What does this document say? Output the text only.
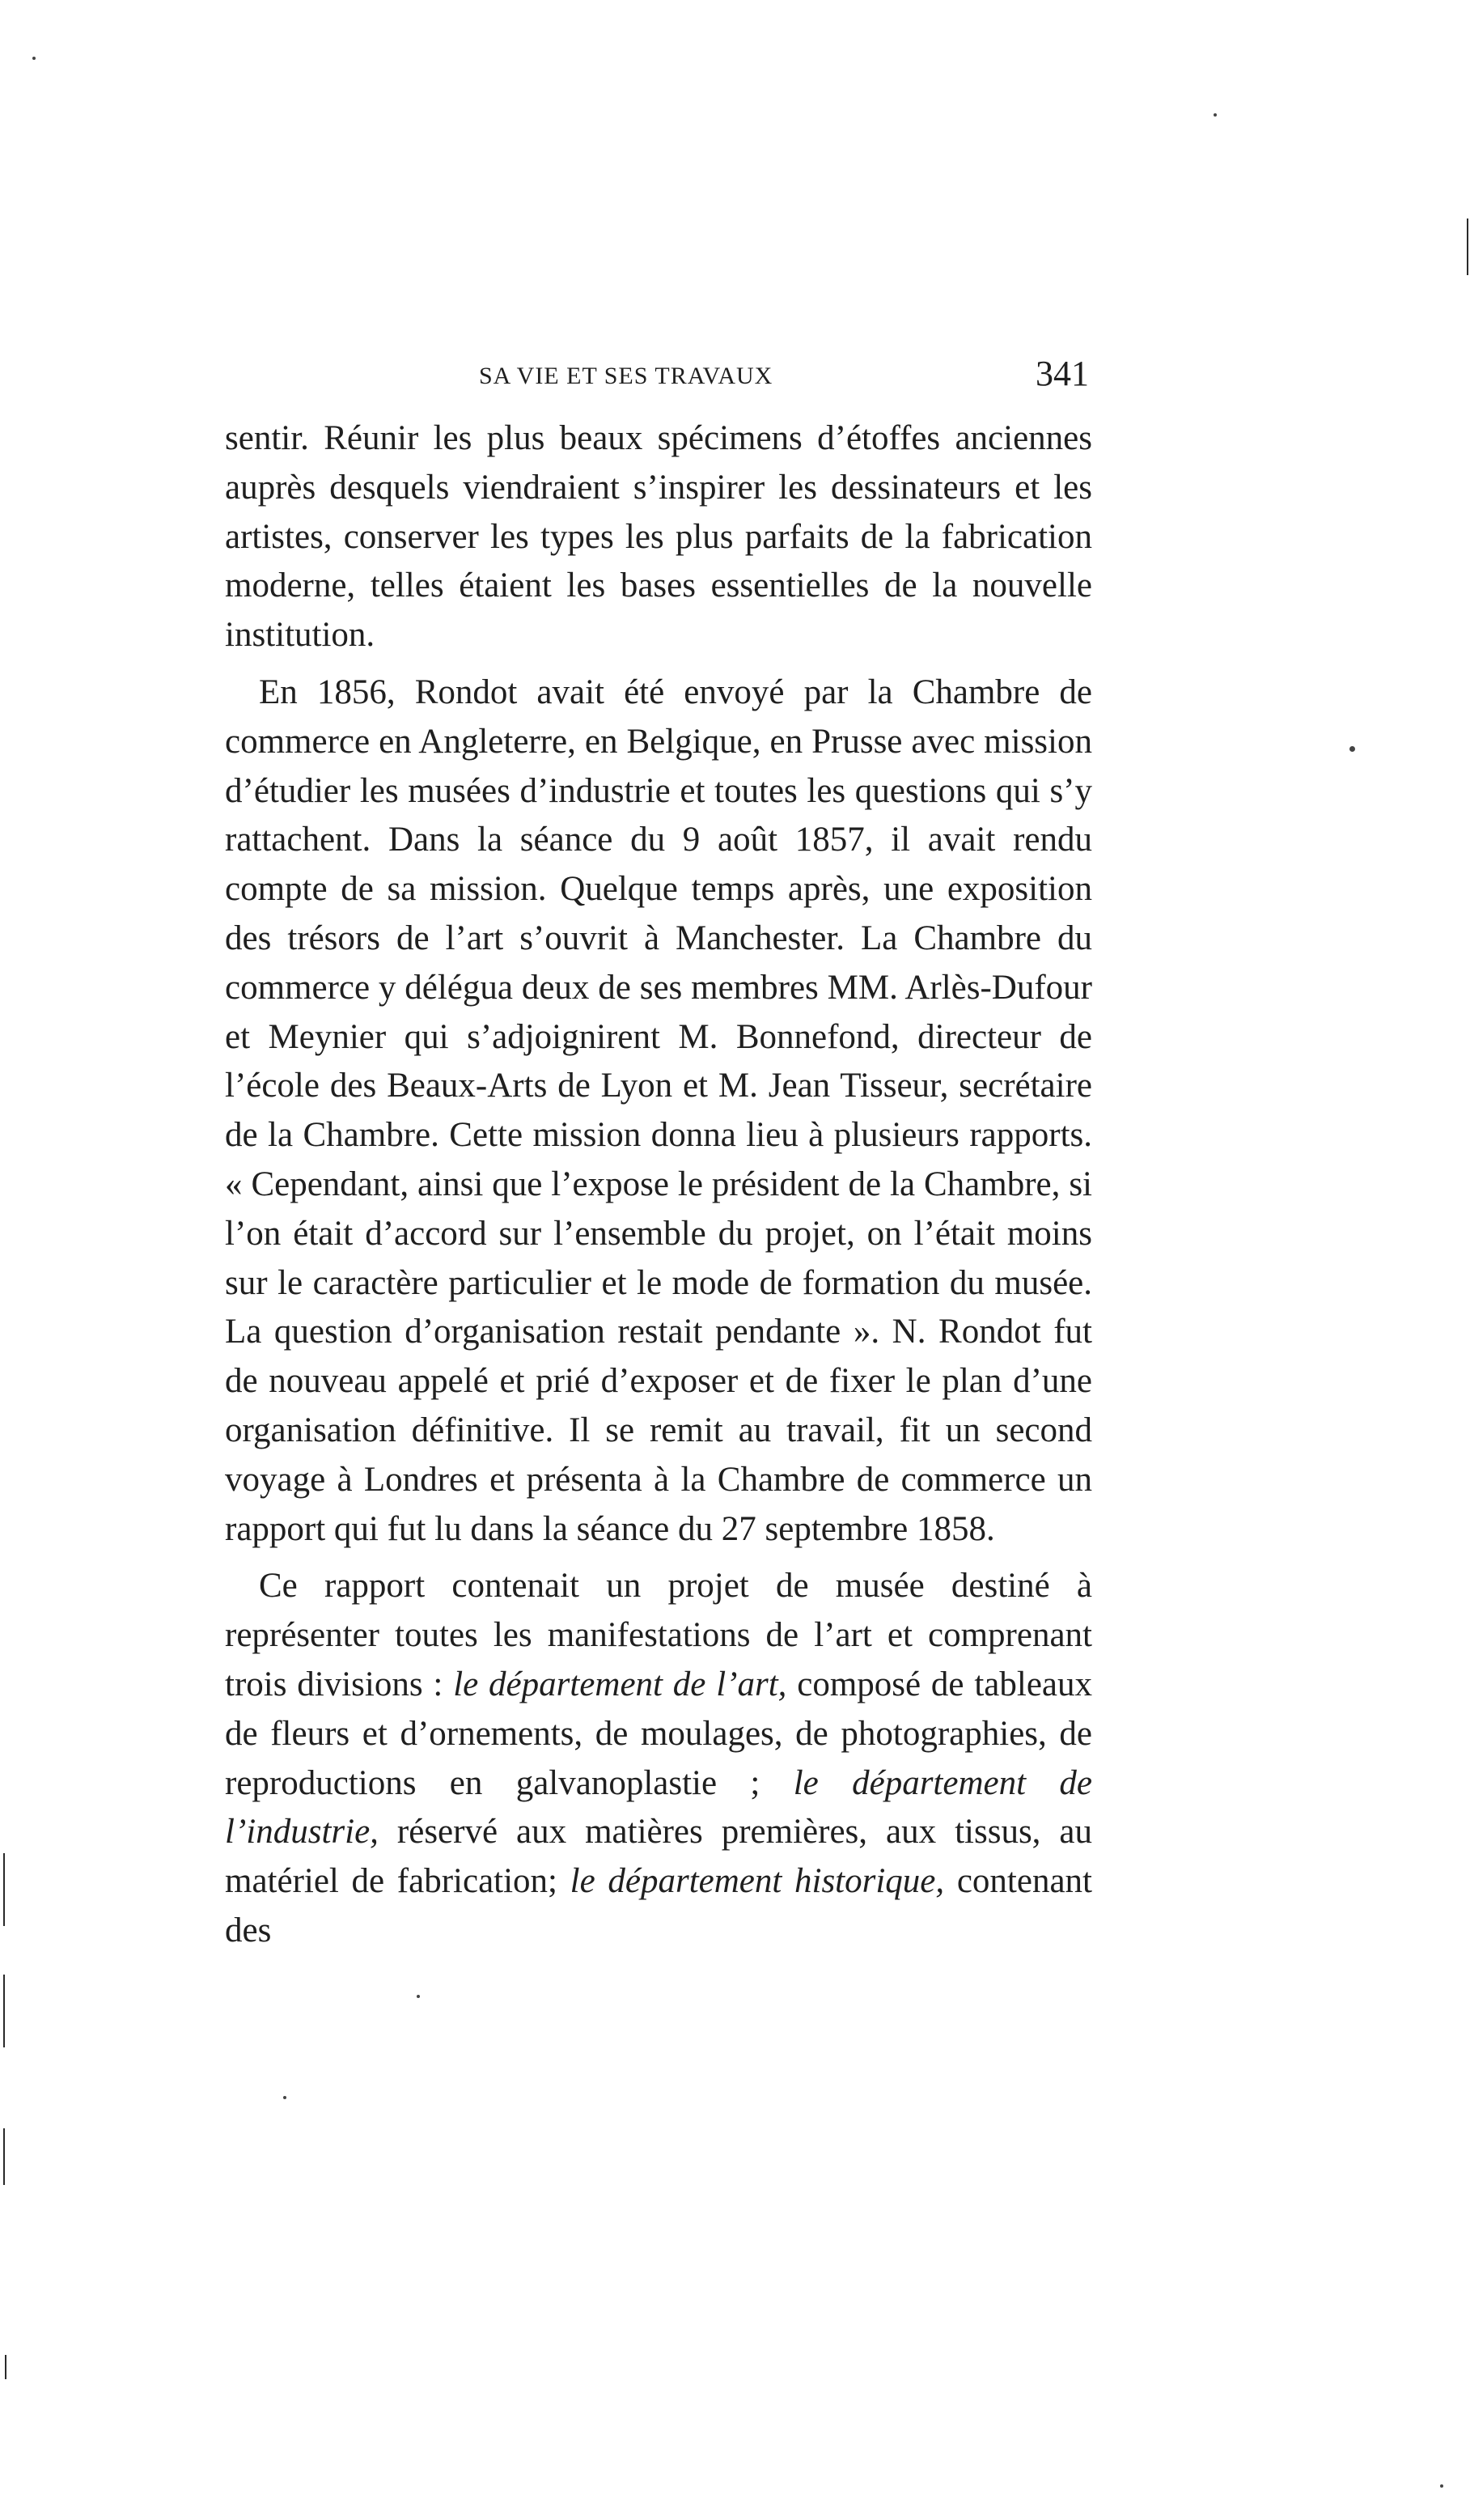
SA VIE ET SES TRAVAUX	341

sentir. Réunir les plus beaux spécimens d’étoffes anciennes auprès desquels viendraient s’inspirer les dessinateurs et les artistes, conserver les types les plus parfaits de la fabrication moderne, telles étaient les bases essentielles de la nouvelle institution.

En 1856, Rondot avait été envoyé par la Chambre de commerce en Angleterre, en Belgique, en Prusse avec mission d’étudier les musées d’industrie et toutes les questions qui s’y rattachent. Dans la séance du 9 août 1857, il avait rendu compte de sa mission. Quelque temps après, une exposition des trésors de l’art s’ouvrit à Manchester. La Chambre du commerce y délégua deux de ses membres MM. Arlès-Dufour et Meynier qui s’adjoignirent M. Bonnefond, directeur de l’école des Beaux-Arts de Lyon et M. Jean Tisseur, secrétaire de la Chambre. Cette mission donna lieu à plusieurs rapports. « Cependant, ainsi que l’expose le président de la Chambre, si l’on était d’accord sur l’ensemble du projet, on l’était moins sur le caractère particulier et le mode de formation du musée. La question d’organisation restait pendante ». N. Rondot fut de nouveau appelé et prié d’exposer et de fixer le plan d’une organisation définitive. Il se remit au travail, fit un second voyage à Londres et présenta à la Chambre de commerce un rapport qui fut lu dans la séance du 27 septembre 1858.

Ce rapport contenait un projet de musée destiné à représenter toutes les manifestations de l’art et comprenant trois divisions : le département de l’art, composé de tableaux de fleurs et d’ornements, de moulages, de photographies, de reproductions en galvanoplastie ; le département de l’industrie, réservé aux matières premières, aux tissus, au matériel de fabrication; le département historique, contenant des
